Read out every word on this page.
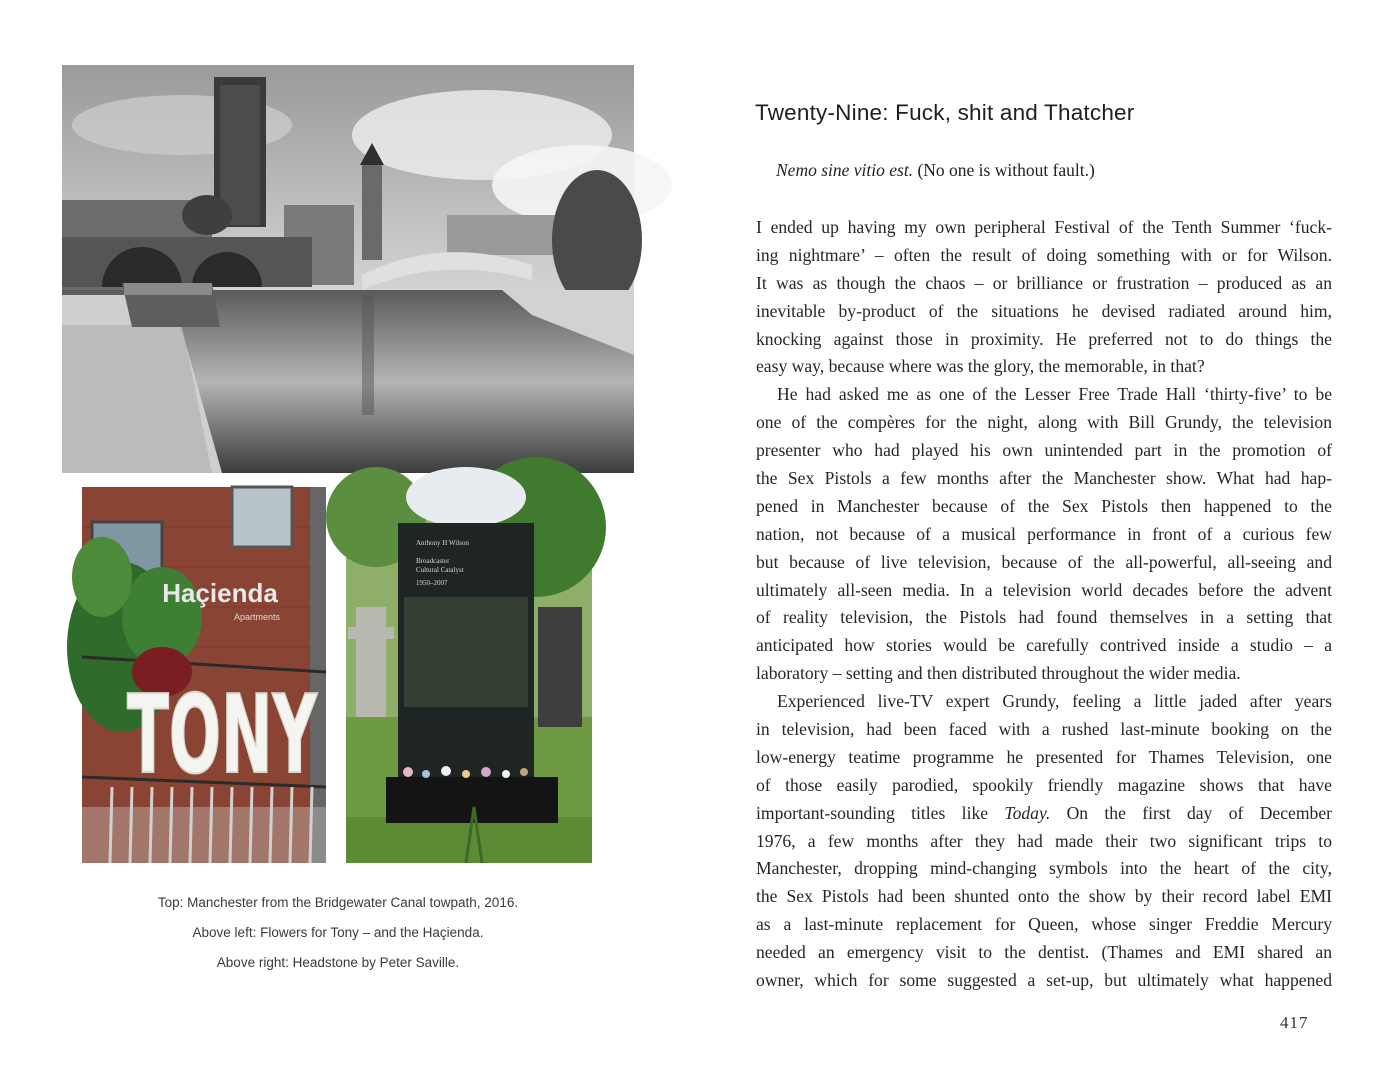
Haçienda
Apartments
TONY
Anthony H Wilson
Broadcaster
Cultural Catalyst
1950–2007
Top: Manchester from the Bridgewater Canal towpath, 2016.
Above left: Flowers for Tony – and the Haçienda.
Above right: Headstone by Peter Saville.
Twenty-Nine: Fuck, shit and Thatcher
Nemo sine vitio est. (No one is without fault.)
I ended up having my own peripheral Festival of the Tenth Summer ‘fuck-
ing nightmare’ – often the result of doing something with or for Wilson.
It was as though the chaos – or brilliance or frustration – produced as an
inevitable by-product of the situations he devised radiated around him,
knocking against those in proximity. He preferred not to do things the
easy way, because where was the glory, the memorable, in that?
He had asked me as one of the Lesser Free Trade Hall ‘thirty-five’ to be
one of the compères for the night, along with Bill Grundy, the television
presenter who had played his own unintended part in the promotion of
the Sex Pistols a few months after the Manchester show. What had hap-
pened in Manchester because of the Sex Pistols then happened to the
nation, not because of a musical performance in front of a curious few
but because of live television, because of the all-powerful, all-seeing and
ultimately all-seen media. In a television world decades before the advent
of reality television, the Pistols had found themselves in a setting that
anticipated how stories would be carefully contrived inside a studio – a
laboratory – setting and then distributed throughout the wider media.
Experienced live-TV expert Grundy, feeling a little jaded after years
in television, had been faced with a rushed last-minute booking on the
low-energy teatime programme he presented for Thames Television, one
of those easily parodied, spookily friendly magazine shows that have
important-sounding titles like Today. On the first day of December
1976, a few months after they had made their two significant trips to
Manchester, dropping mind-changing symbols into the heart of the city,
the Sex Pistols had been shunted onto the show by their record label EMI
as a last-minute replacement for Queen, whose singer Freddie Mercury
needed an emergency visit to the dentist. (Thames and EMI shared an
owner, which for some suggested a set-up, but ultimately what happened
417
